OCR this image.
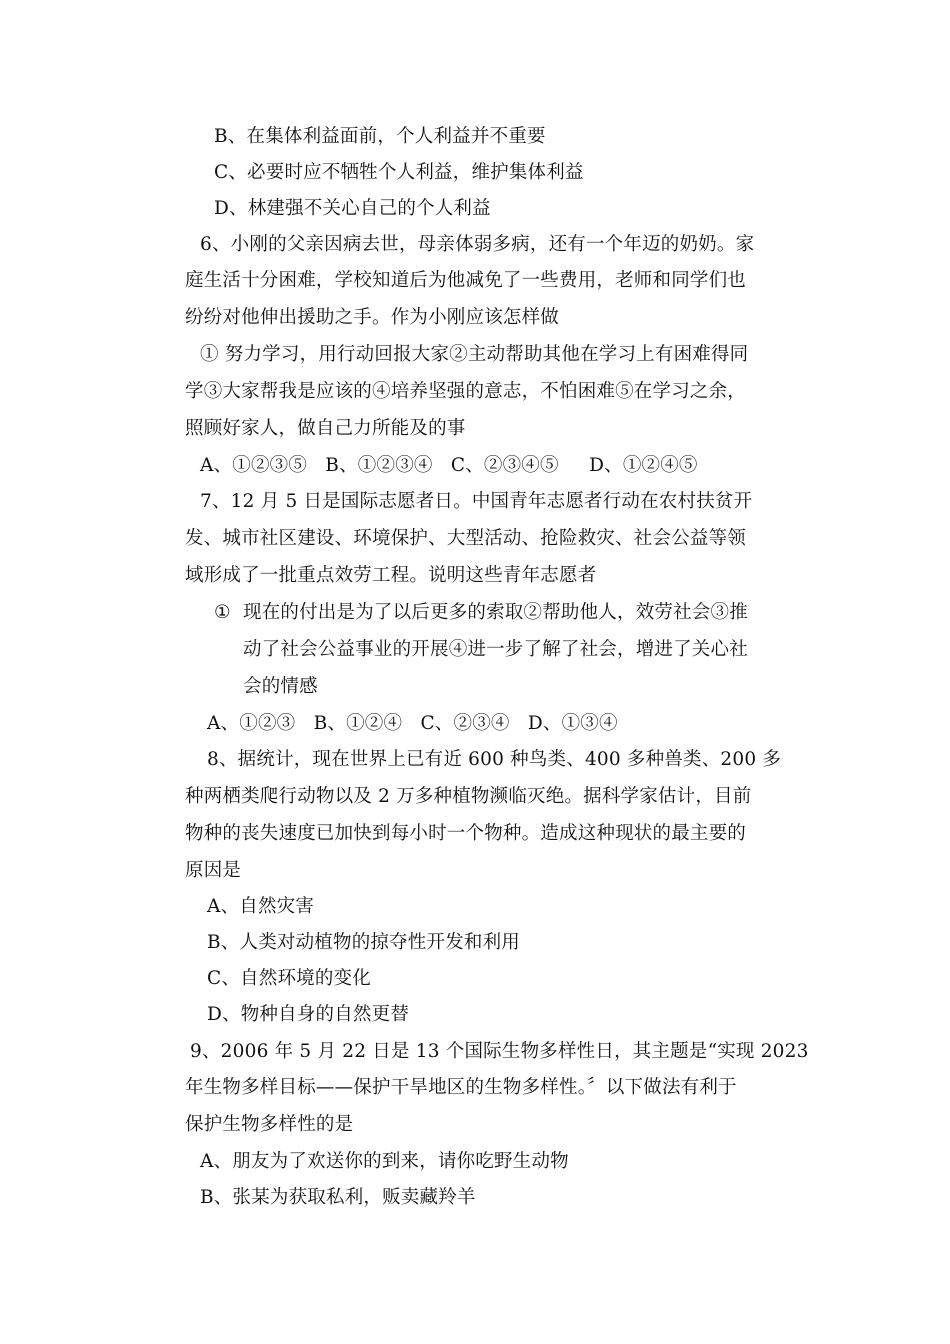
B、在集体利益面前，个人利益并不重要
C、必要时应不牺牲个人利益，维护集体利益
D、林建强不关心自己的个人利益
6、小刚的父亲因病去世，母亲体弱多病，还有一个年迈的奶奶。家
庭生活十分困难，学校知道后为他减免了一些费用，老师和同学们也
纷纷对他伸出援助之手。作为小刚应该怎样做
① 努力学习，用行动回报大家②主动帮助其他在学习上有困难得同
学③大家帮我是应该的④培养坚强的意志，不怕困难⑤在学习之余，
照顾好家人，做自己力所能及的事
A、①②③⑤   B、①②③④   C、②③④⑤     D、①②④⑤
7、12 月 5 日是国际志愿者日。中国青年志愿者行动在农村扶贫开
发、城市社区建设、环境保护、大型活动、抢险救灾、社会公益等领
域形成了一批重点效劳工程。说明这些青年志愿者
① 现在的付出是为了以后更多的索取②帮助他人，效劳社会③推
动了社会公益事业的开展④进一步了解了社会，增进了关心社
会的情感
A、①②③   B、①②④   C、②③④   D、①③④
8、据统计，现在世界上已有近 600 种鸟类、400 多种兽类、200 多
种两栖类爬行动物以及 2 万多种植物濒临灭绝。据科学家估计，目前
物种的丧失速度已加快到每小时一个物种。造成这种现状的最主要的
原因是
A、自然灾害
B、人类对动植物的掠夺性开发和利用
C、自然环境的变化
D、物种自身的自然更替
9、2006 年 5 月 22 日是 13 个国际生物多样性日，其主题是“实现 2023
年生物多样目标——保护干旱地区的生物多样性。〞以下做法有利于
保护生物多样性的是
A、朋友为了欢送你的到来，请你吃野生动物
B、张某为获取私利，贩卖藏羚羊
